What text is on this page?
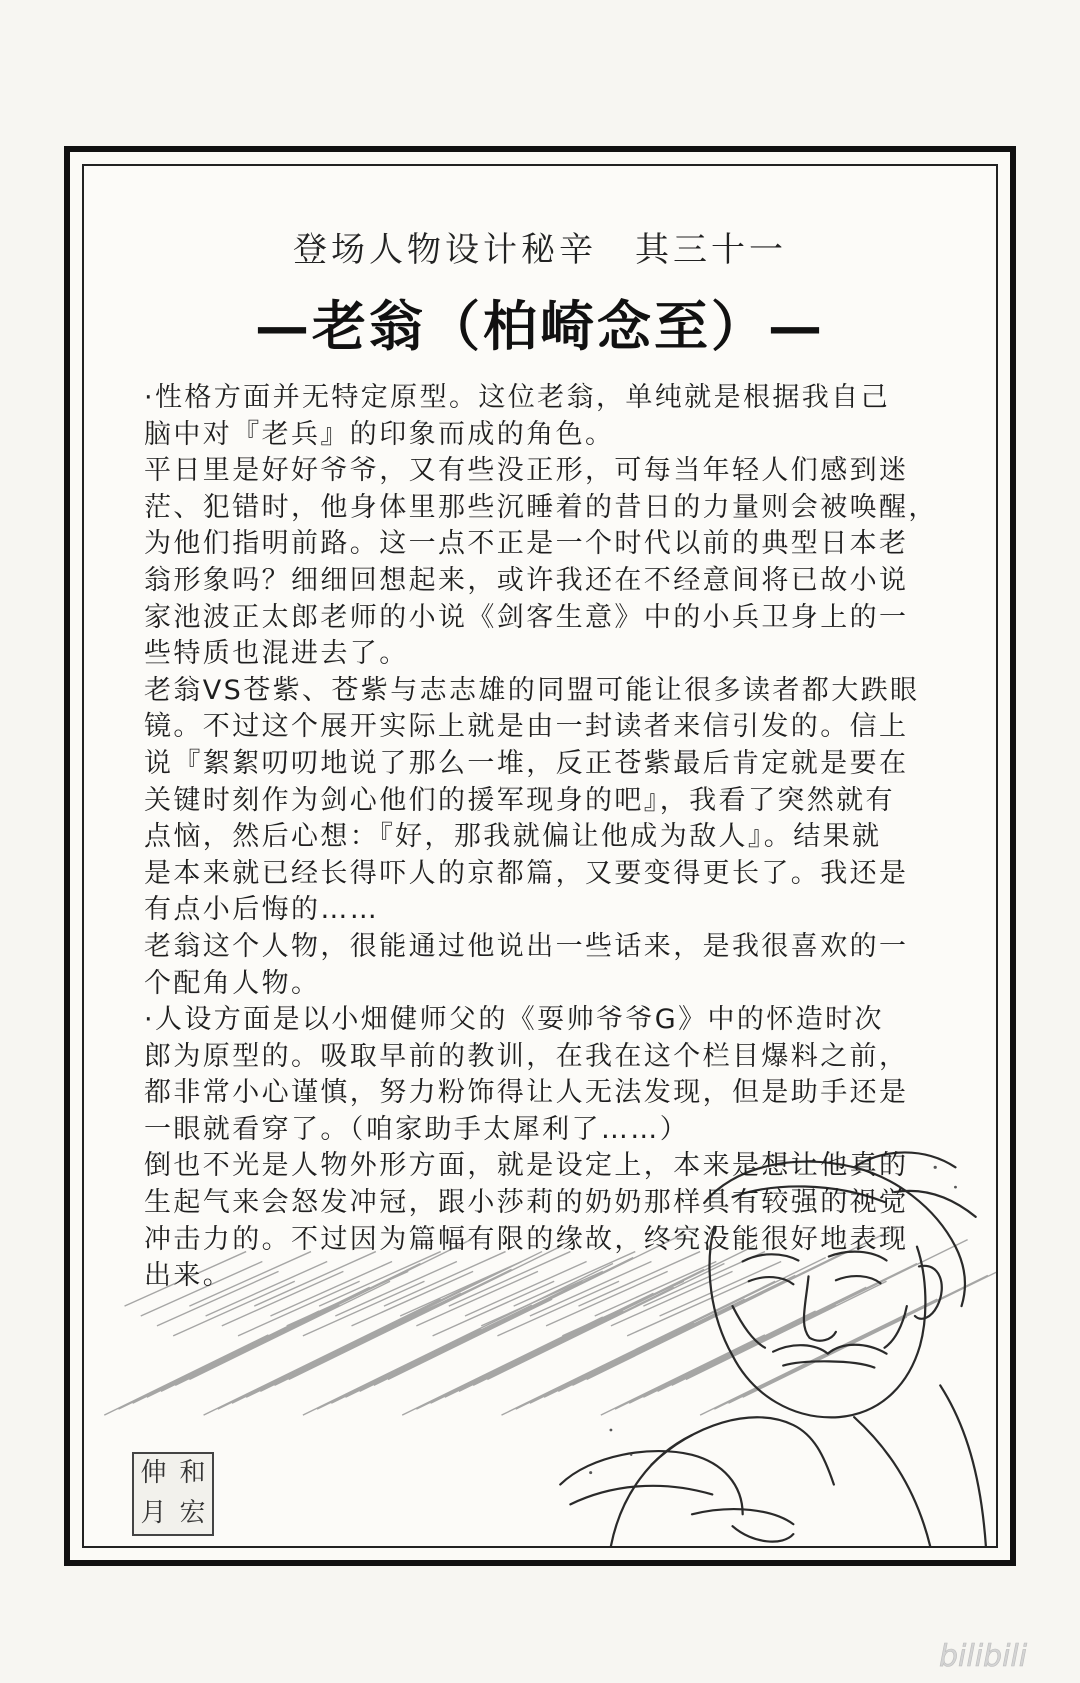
登场人物设计秘辛　其三十一
—老翁（柏崎念至）—
·性格方面并无特定原型。这位老翁，单纯就是根据我自己
脑中对『老兵』的印象而成的角色。
平日里是好好爷爷，又有些没正形，可每当年轻人们感到迷
茫、犯错时，他身体里那些沉睡着的昔日的力量则会被唤醒，
为他们指明前路。这一点不正是一个时代以前的典型日本老
翁形象吗？细细回想起来，或许我还在不经意间将已故小说
家池波正太郎老师的小说《剑客生意》中的小兵卫身上的一
些特质也混进去了。
老翁VS苍紫、苍紫与志志雄的同盟可能让很多读者都大跌眼
镜。不过这个展开实际上就是由一封读者来信引发的。信上
说『絮絮叨叨地说了那么一堆，反正苍紫最后肯定就是要在
关键时刻作为剑心他们的援军现身的吧』，我看了突然就有
点恼，然后心想：『好，那我就偏让他成为敌人』。结果就
是本来就已经长得吓人的京都篇，又要变得更长了。我还是
有点小后悔的……
老翁这个人物，很能通过他说出一些话来，是我很喜欢的一
个配角人物。
·人设方面是以小畑健师父的《耍帅爷爷G》中的怀造时次
郎为原型的。吸取早前的教训，在我在这个栏目爆料之前，
都非常小心谨慎，努力粉饰得让人无法发现，但是助手还是
一眼就看穿了。（咱家助手太犀利了……）
倒也不光是人物外形方面，就是设定上，本来是想让他真的
生起气来会怒发冲冠，跟小莎莉的奶奶那样具有较强的视觉
冲击力的。不过因为篇幅有限的缘故，终究没能很好地表现
出来。
伸 和
月 宏
bilibili
